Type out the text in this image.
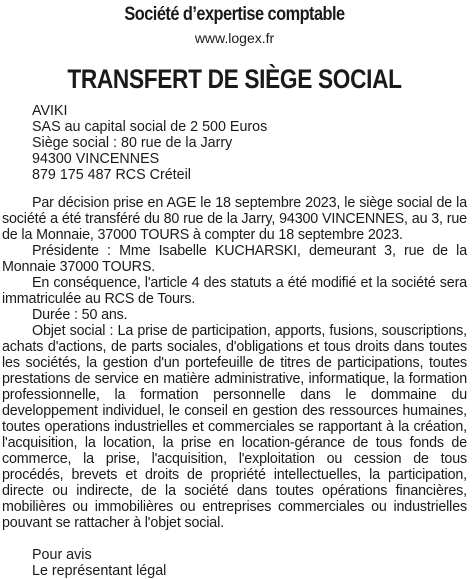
Société d’expertise comptable
www.logex.fr
TRANSFERT DE SIÈGE SOCIAL
AVIKI
SAS au capital social de 2 500 Euros
Siège social : 80 rue de la Jarry
94300 VINCENNES
879 175 487 RCS Créteil

Par décision prise en AGE le 18 septembre 2023, le siège social de la société a été transféré du 80 rue de la Jarry, 94300 VINCENNES, au 3, rue de la Monnaie, 37000 TOURS à compter du 18 septembre 2023.

Présidente : Mme Isabelle KUCHARSKI, demeurant 3, rue de la Monnaie 37000 TOURS.

En conséquence, l'article 4 des statuts a été modifié et la société sera immatriculée au RCS de Tours.

Durée : 50 ans.

Objet social : La prise de participation, apports, fusions, souscriptions, achats d'actions, de parts sociales, d'obligations et tous droits dans toutes les sociétés, la gestion d'un portefeuille de titres de participations, toutes prestations de service en matière administrative, informatique, la formation professionnelle, la formation personnelle dans le dommaine du developpement individuel, le conseil en gestion des ressources humaines, toutes operations industrielles et commerciales se rapportant à la création, l'acquisition, la location, la prise en location-gérance de tous fonds de commerce, la prise, l'acquisition, l'exploitation ou cession de tous procédés, brevets et droits de propriété intellectuelles, la participation, directe ou indirecte, de la société dans toutes opérations financières, mobilières ou immobilières ou entreprises commerciales ou industrielles pouvant se rattacher à l'objet social.

Pour avis
Le représentant légal
